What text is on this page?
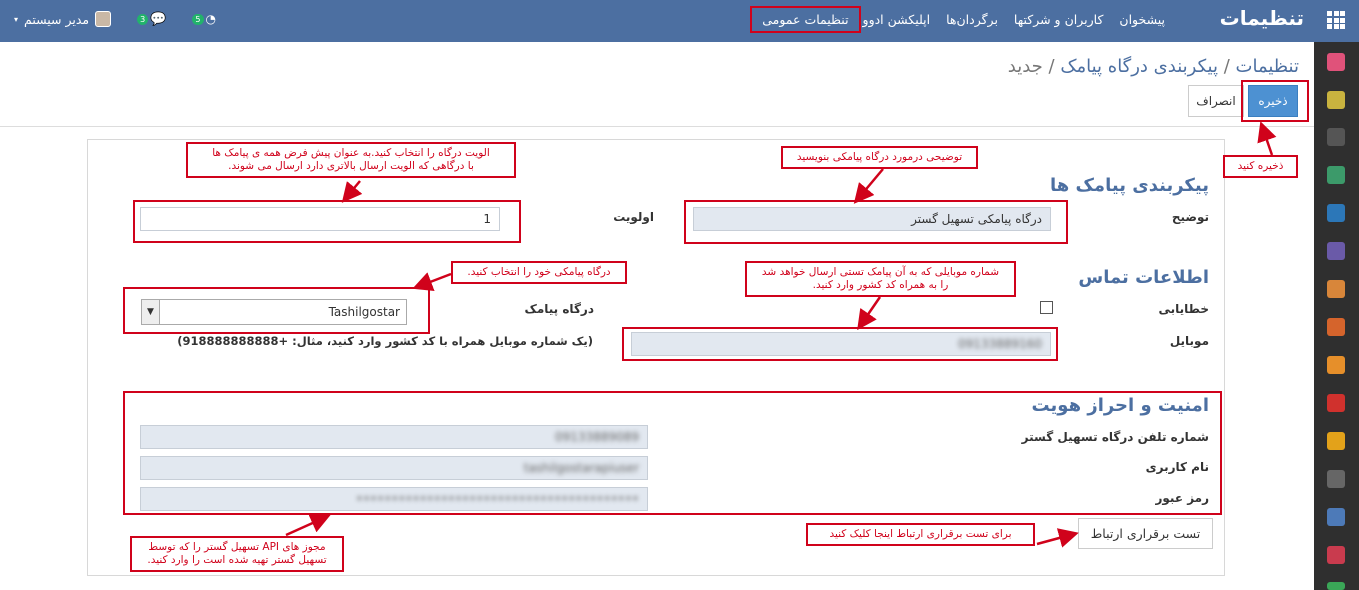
تنظیمات
پیشخوان
کاربران و شرکتها
برگردان‌ها
اپلیکشن ادوو
تنظیمات عمومی
▾ مدیر سیستم	3 💬	5 ◔
تنظیمات / پیکربندی درگاه پیامک / جدید
ذخیره
انصراف
پیکربندی پیامک ها
توضیح
درگاه پیامکی تسهیل گستر
اولویت
1
اطلاعات تماس
خطایابی
درگاه پیامک
▼	Tashilgostar
موبایل
09133889160
(یک شماره موبایل همراه با کد کشور وارد کنید، مثال: +918888888888)
امنیت و احراز هویت
شماره تلفن درگاه تسهیل گستر
09133889089
نام کاربری
tashilgostarapiuser
رمز عبور
••••••••••••••••••••••••••••••••••••••••
تست برقراری ارتباط
ذخیره کنید
توضیحی درمورد درگاه پیامکی بنویسید
الویت درگاه را انتخاب کنید.به عنوان پیش فرض همه ی پیامک ها
با درگاهی که الویت ارسال بالاتری دارد ارسال می شوند.
درگاه پیامکی خود را انتخاب کنید.	شماره موبایلی که به آن پیامک تستی ارسال خواهد شد
را به همراه کد کشور وارد کنید.
مجوز های API تسهیل گستر را که توسط
تسهیل گستر تهیه شده است را وارد کنید.
برای تست برقراری ارتباط اینجا کلیک کنید
